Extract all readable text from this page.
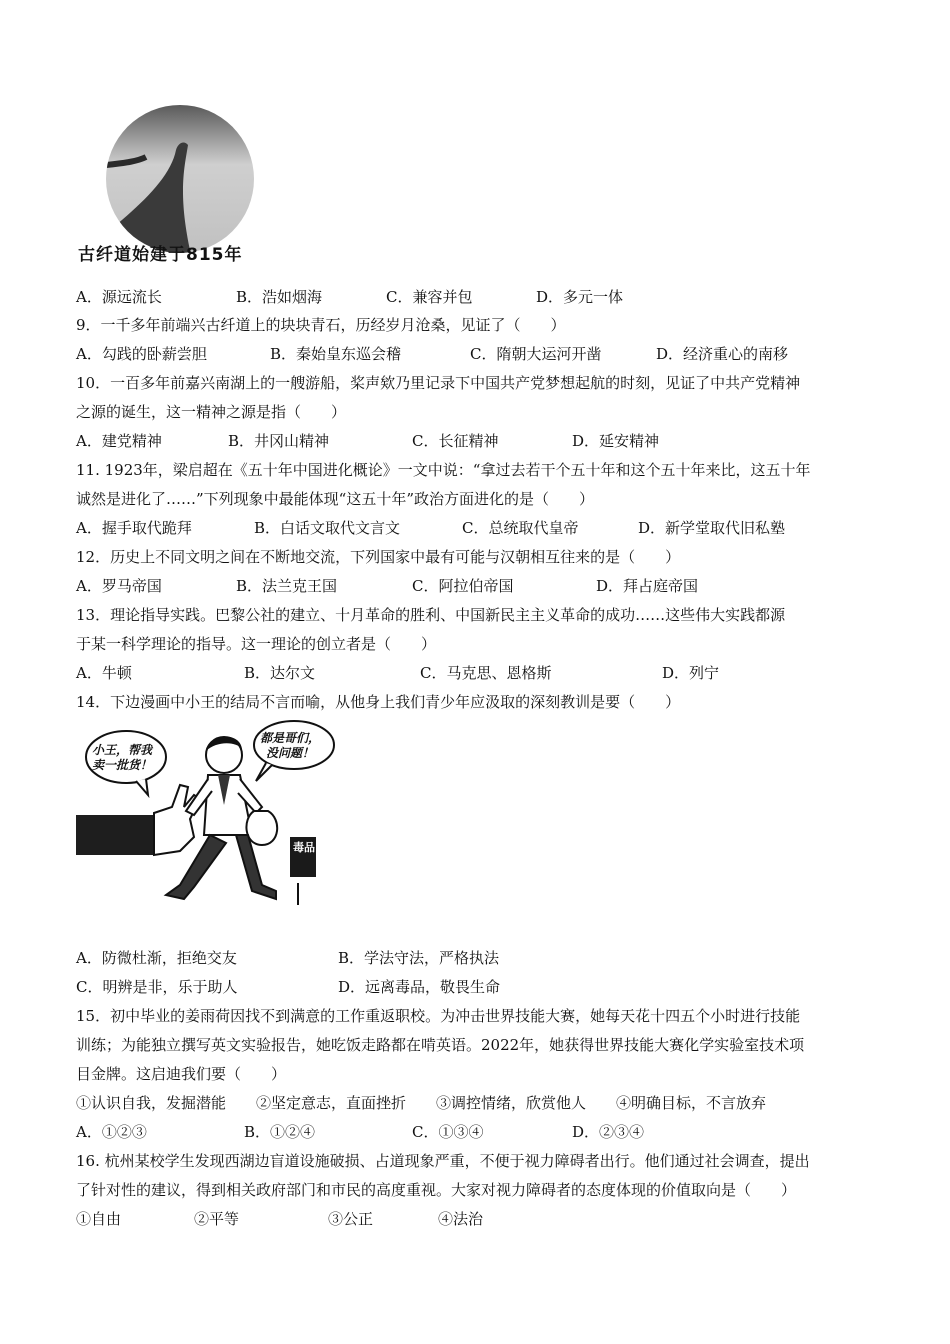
古纤道始建于815年
A．源远流长	B．浩如烟海	C．兼容并包	D．多元一体
9．一千多年前端兴古纤道上的块块青石，历经岁月沧桑，见证了（　　）
A．勾践的卧薪尝胆	B．秦始皇东巡会稽	C．隋朝大运河开凿	D．经济重心的南移
10．一百多年前嘉兴南湖上的一艘游船，桨声欸乃里记录下中国共产党梦想起航的时刻，见证了中共产党精神
之源的诞生，这一精神之源是指（　　）
A．建党精神	B．井冈山精神	C．长征精神	D．延安精神
11. 1923年，梁启超在《五十年中国进化概论》一文中说：“拿过去若干个五十年和这个五十年来比，这五十年
诚然是进化了……”下列现象中最能体现“这五十年”政治方面进化的是（　　）
A．握手取代跪拜	B．白话文取代文言文	C．总统取代皇帝	D．新学堂取代旧私塾
12．历史上不同文明之间在不断地交流，下列国家中最有可能与汉朝相互往来的是（　　）
A．罗马帝国	B．法兰克王国	C．阿拉伯帝国	D．拜占庭帝国
13．理论指导实践。巴黎公社的建立、十月革命的胜利、中国新民主主义革命的成功……这些伟大实践都源
于某一科学理论的指导。这一理论的创立者是（　　）
A．牛顿	B．达尔文	C．马克思、恩格斯	D．列宁
14．下边漫画中小王的结局不言而喻，从他身上我们青少年应汲取的深刻教训是要（　　）
小王，帮我
卖一批货！
都是哥们，
没问题！
毒品
A．防微杜渐，拒绝交友	B．学法守法，严格执法
C．明辨是非，乐于助人	D．远离毒品，敬畏生命
15．初中毕业的姜雨荷因找不到满意的工作重返职校。为冲击世界技能大赛，她每天花十四五个小时进行技能
训练；为能独立撰写英文实验报告，她吃饭走路都在啃英语。2022年，她获得世界技能大赛化学实验室技术项
目金牌。这启迪我们要（　　）
①认识自我，发掘潜能　　②坚定意志，直面挫折　　③调控情绪，欣赏他人　　④明确目标，不言放弃
A．①②③	B．①②④	C．①③④	D．②③④
16. 杭州某校学生发现西湖边盲道设施破损、占道现象严重，不便于视力障碍者出行。他们通过社会调查，提出
了针对性的建议，得到相关政府部门和市民的高度重视。大家对视力障碍者的态度体现的价值取向是（　　）
①自由	②平等	③公正	④法治
